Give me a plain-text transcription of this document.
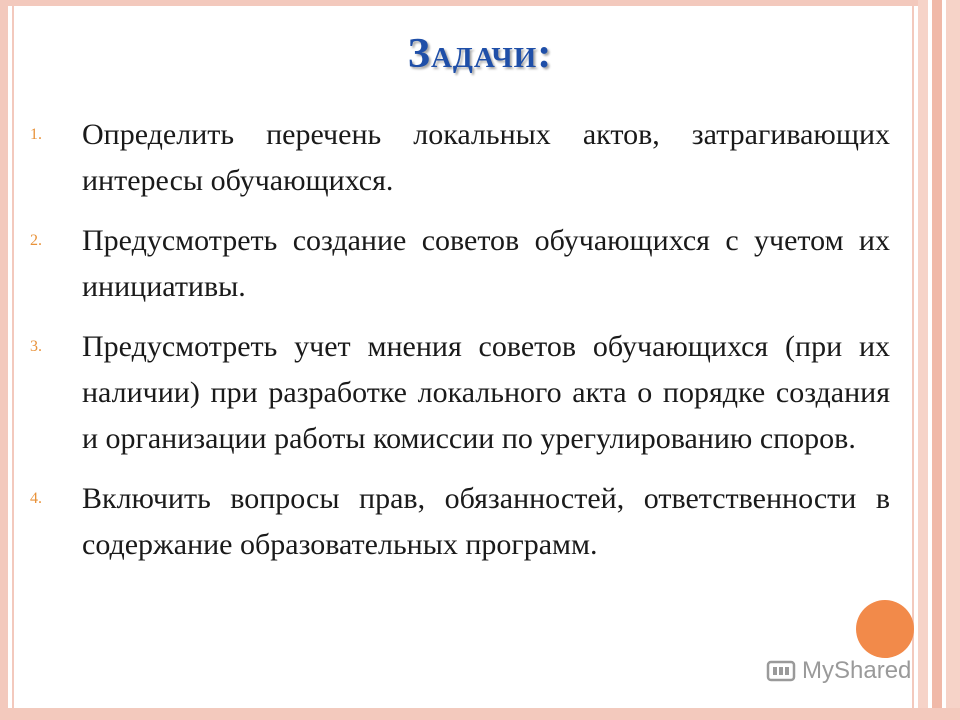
Задачи:
1. Определить перечень локальных актов, затрагивающих интересы обучающихся.
2. Предусмотреть создание советов обучающихся с учетом их инициативы.
3. Предусмотреть учет мнения советов обучающихся (при их наличии) при разработке локального акта о порядке создания и организации работы комиссии по урегулированию споров.
4. Включить вопросы прав, обязанностей, ответственности в содержание образовательных программ.
MyShared
